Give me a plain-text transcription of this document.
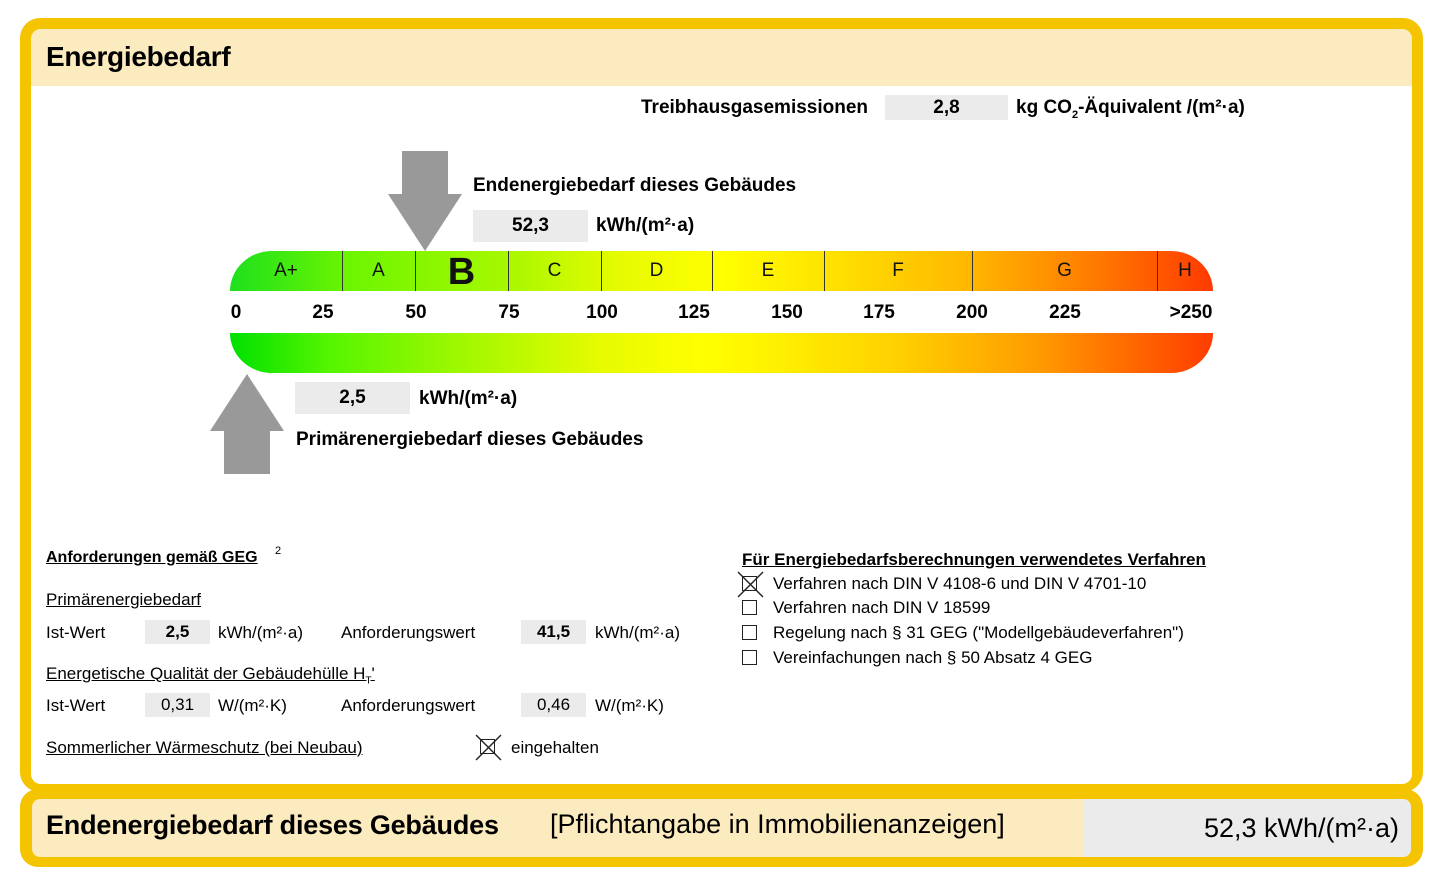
Energiebedarf
Treibhausgasemissionen	2,8	kg $CO_2$-Äquivalent /(m²·a)
Endenergiebedarf dieses Gebäudes
52,3	kWh/(m²·a)
A+	A	B	C	D	E	F	G	H
0	25	50	75	100	125	150	175	200	225	>250
2,5	kWh/(m²·a)
Primärenergiebedarf dieses Gebäudes
Anforderungen gemäß GEG 2
Primärenergiebedarf
Ist-Wert	2,5	kWh/(m²·a) Anforderungswert	41,5	kWh/(m²·a)
Energetische Qualität der Gebäudehülle $H_T'$
Ist-Wert	0,31	W/(m²·K)	Anforderungswert	0,46	W/(m²·K)
Sommerlicher Wärmeschutz (bei Neubau)	eingehalten
Für Energiebedarfsberechnungen verwendetes Verfahren
Verfahren nach DIN V 4108-6 und DIN V 4701-10
Verfahren nach DIN V 18599
Regelung nach § 31 GEG ("Modellgebäudeverfahren")
Vereinfachungen nach § 50 Absatz 4 GEG
Endenergiebedarf dieses Gebäudes [Pflichtangabe in Immobilienanzeigen]	52,3 kWh/(m²·a)
